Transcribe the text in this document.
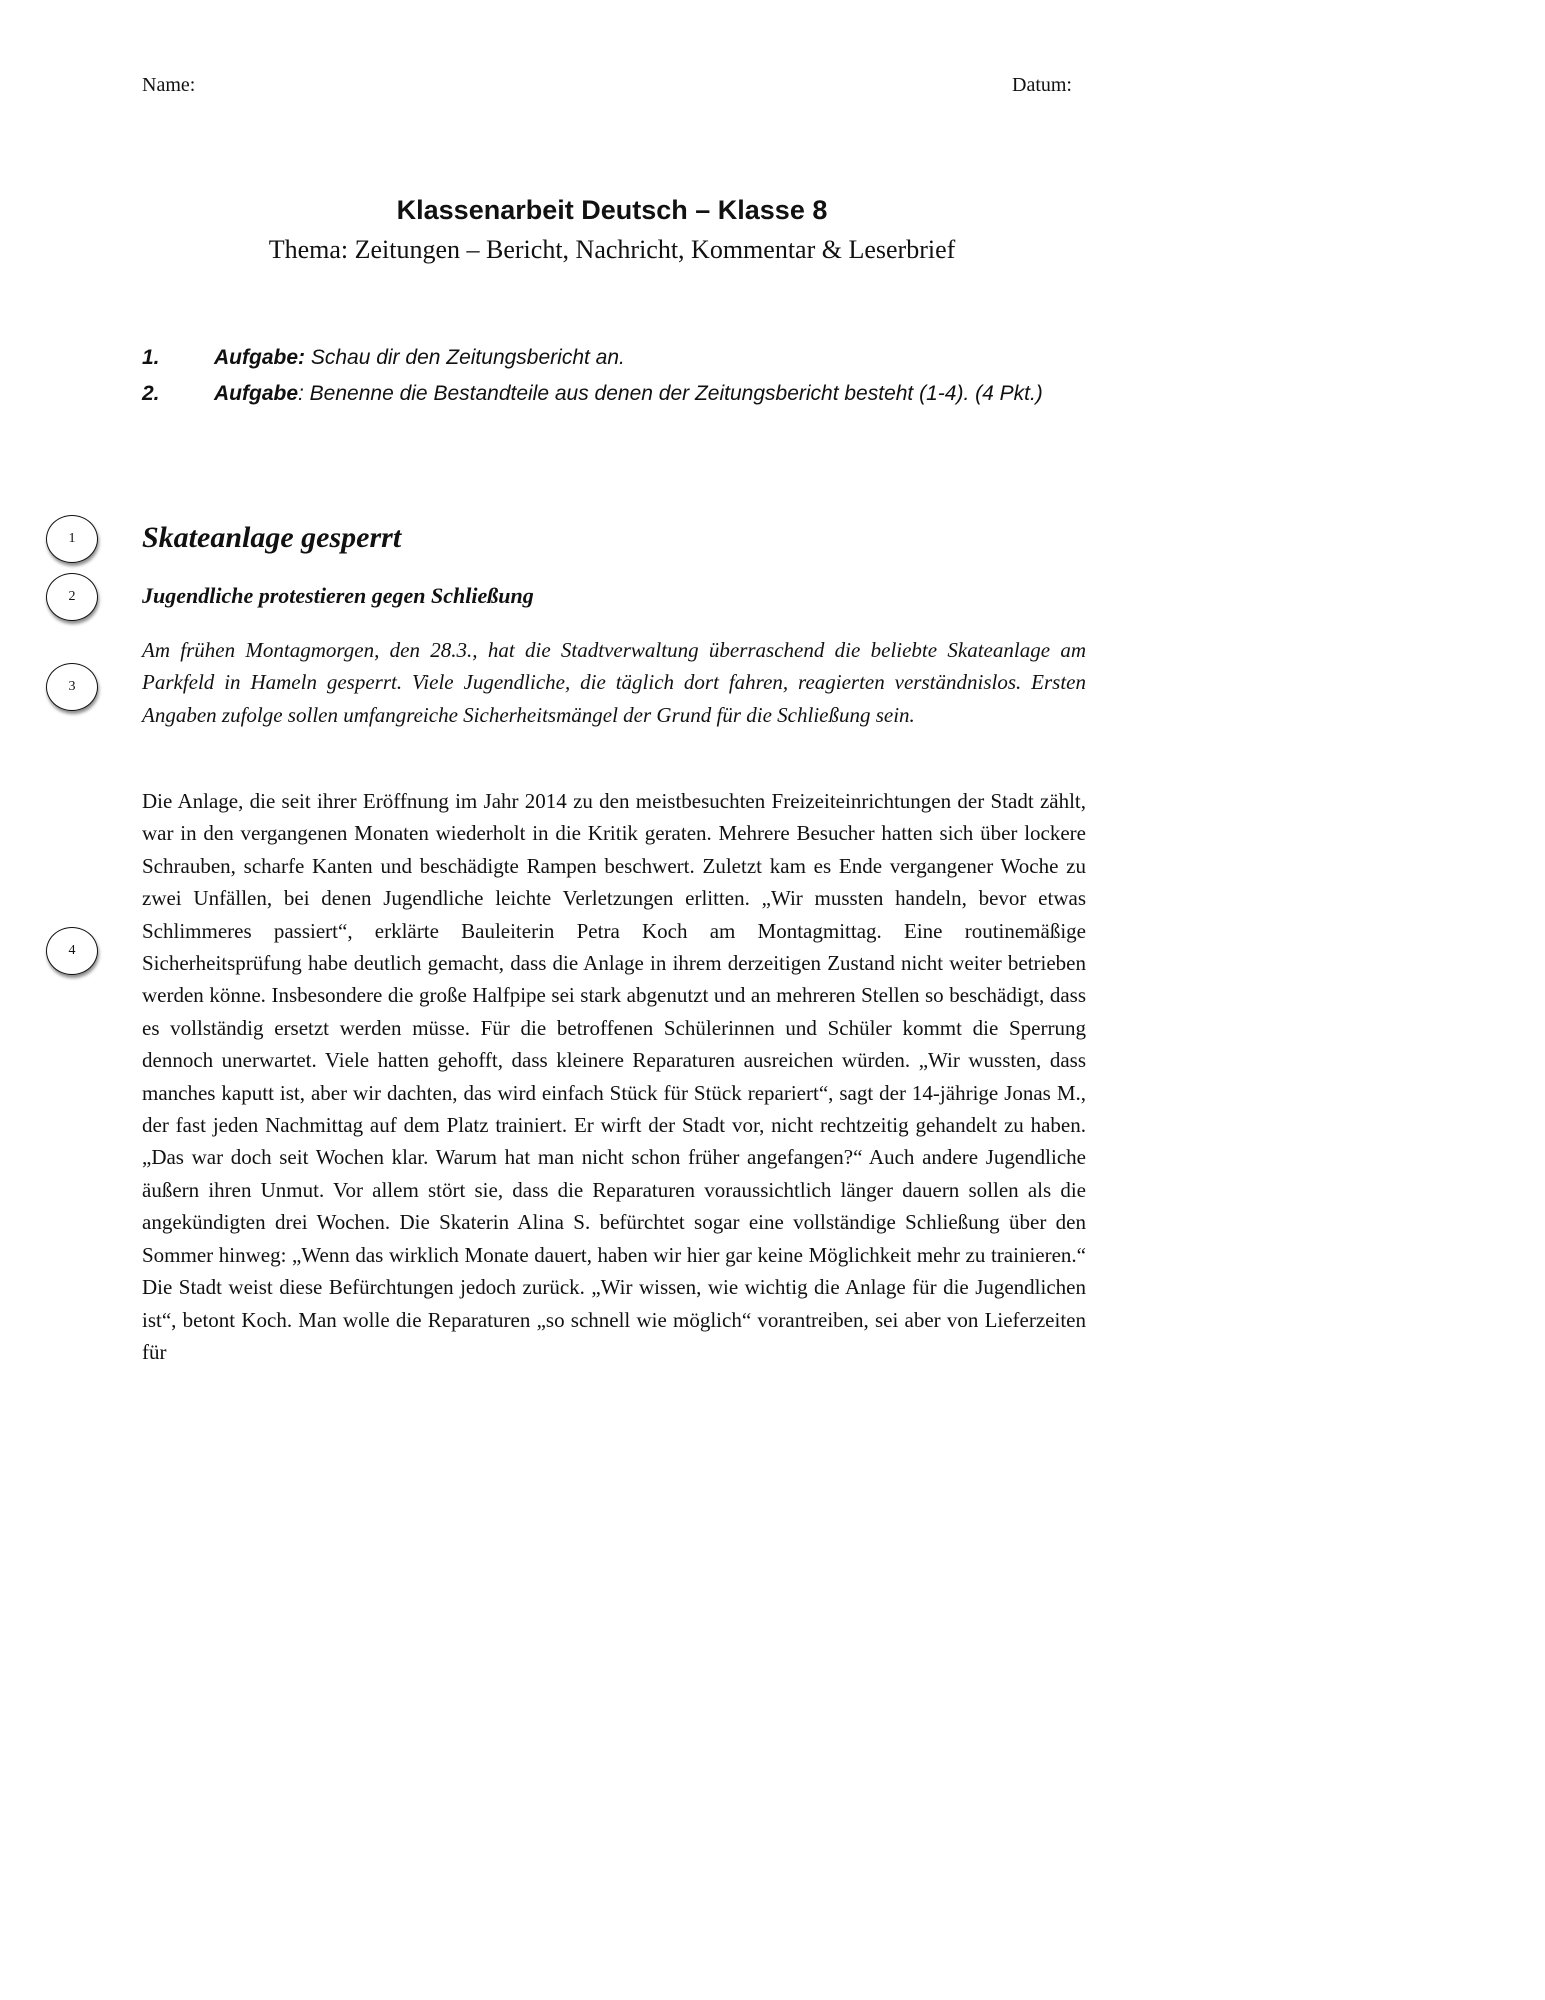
Name:	Datum:
Klassenarbeit Deutsch – Klasse 8
Thema: Zeitungen – Bericht, Nachricht, Kommentar & Leserbrief
1.	Aufgabe: Schau dir den Zeitungsbericht an.
2.	Aufgabe: Benenne die Bestandteile aus denen der Zeitungsbericht besteht (1-4). (4 Pkt.)
1
2
3
4
Skateanlage gesperrt
Jugendliche protestieren gegen Schließung

Am frühen Montagmorgen, den 28.3., hat die Stadtverwaltung überraschend die beliebte Skateanlage am Parkfeld in Hameln gesperrt. Viele Jugendliche, die täglich dort fahren, reagierten verständnislos. Ersten Angaben zufolge sollen umfangreiche Sicherheitsmängel der Grund für die Schließung sein.

Die Anlage, die seit ihrer Eröffnung im Jahr 2014 zu den meistbesuchten Freizeiteinrichtungen der Stadt zählt, war in den vergangenen Monaten wiederholt in die Kritik geraten. Mehrere Besucher hatten sich über lockere Schrauben, scharfe Kanten und beschädigte Rampen beschwert. Zuletzt kam es Ende vergangener Woche zu zwei Unfällen, bei denen Jugendliche leichte Verletzungen erlitten. „Wir mussten handeln, bevor etwas Schlimmeres passiert“, erklärte Bauleiterin Petra Koch am Montagmittag. Eine routinemäßige Sicherheitsprüfung habe deutlich gemacht, dass die Anlage in ihrem derzeitigen Zustand nicht weiter betrieben werden könne. Insbesondere die große Halfpipe sei stark abgenutzt und an mehreren Stellen so beschädigt, dass es vollständig ersetzt werden müsse. Für die betroffenen Schülerinnen und Schüler kommt die Sperrung dennoch unerwartet. Viele hatten gehofft, dass kleinere Reparaturen ausreichen würden. „Wir wussten, dass manches kaputt ist, aber wir dachten, das wird einfach Stück für Stück repariert“, sagt der 14-jährige Jonas M., der fast jeden Nachmittag auf dem Platz trainiert. Er wirft der Stadt vor, nicht rechtzeitig gehandelt zu haben. „Das war doch seit Wochen klar. Warum hat man nicht schon früher angefangen?“ Auch andere Jugendliche äußern ihren Unmut. Vor allem stört sie, dass die Reparaturen voraussichtlich länger dauern sollen als die angekündigten drei Wochen. Die Skaterin Alina S. befürchtet sogar eine vollständige Schließung über den Sommer hinweg: „Wenn das wirklich Monate dauert, haben wir hier gar keine Möglichkeit mehr zu trainieren.“ Die Stadt weist diese Befürchtungen jedoch zurück. „Wir wissen, wie wichtig die Anlage für die Jugendlichen ist“, betont Koch. Man wolle die Reparaturen „so schnell wie möglich“ vorantreiben, sei aber von Lieferzeiten für
